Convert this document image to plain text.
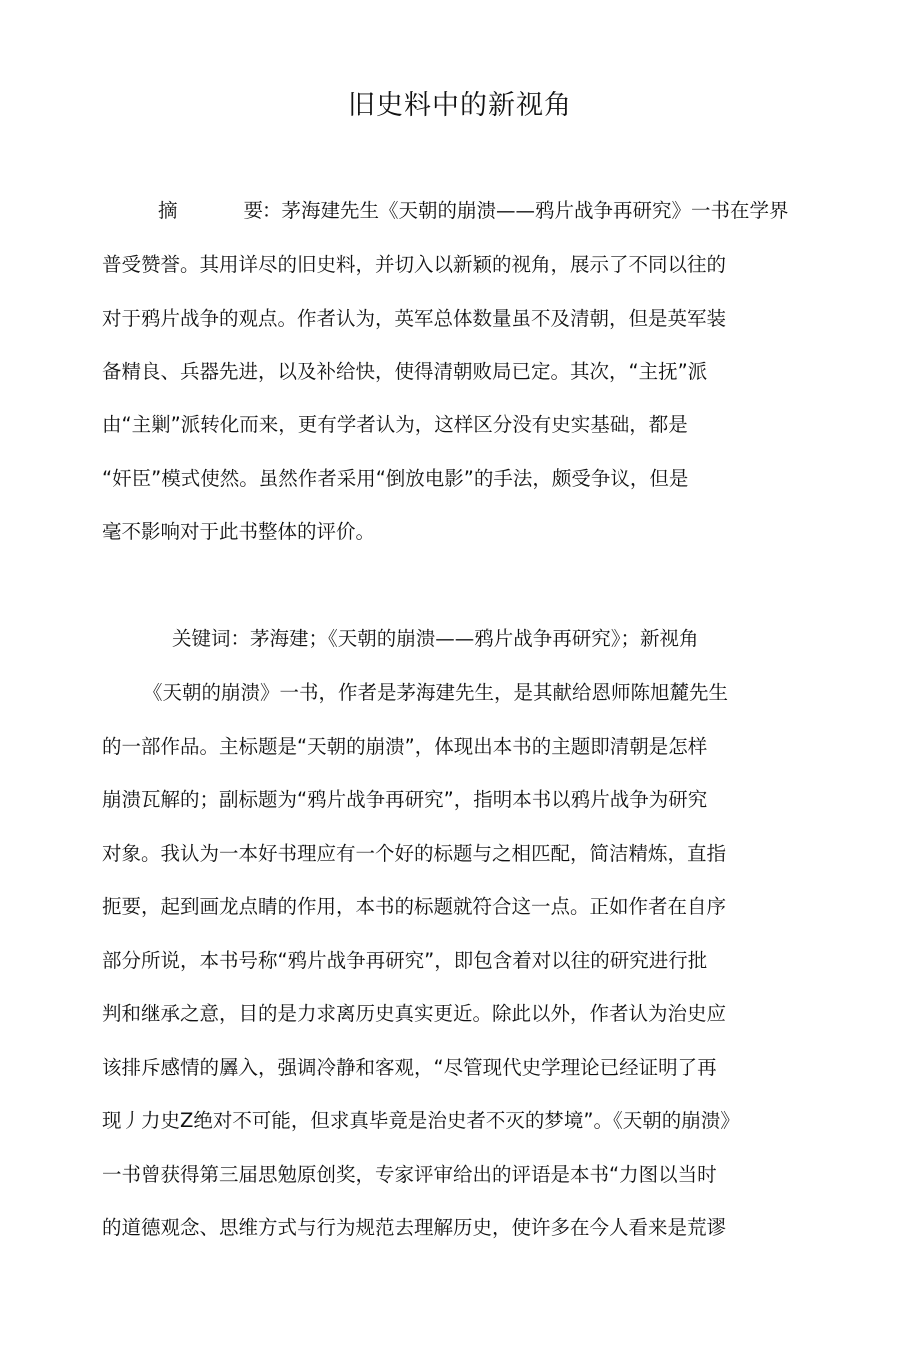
旧史料中的新视角

摘	要：茅海建先生《天朝的崩溃——鸦片战争再研究》一书在学界

普受赞誉。其用详尽的旧史料，并切入以新颖的视角，展示了不同以往的

对于鸦片战争的观点。作者认为，英军总体数量虽不及清朝，但是英军装

备精良、兵器先进，以及补给快，使得清朝败局已定。其次，“主抚”派

由“主剿”派转化而来，更有学者认为，这样区分没有史实基础，都是

“奸臣”模式使然。虽然作者采用“倒放电影”的手法，颇受争议，但是

毫不影响对于此书整体的评价。

关键词：茅海建；《天朝的崩溃——鸦片战争再研究》；新视角

《天朝的崩溃》一书，作者是茅海建先生，是其献给恩师陈旭麓先生

的一部作品。主标题是“天朝的崩溃”，体现出本书的主题即清朝是怎样

崩溃瓦解的；副标题为“鸦片战争再研究”，指明本书以鸦片战争为研究

对象。我认为一本好书理应有一个好的标题与之相匹配，简洁精炼，直指

扼要，起到画龙点睛的作用，本书的标题就符合这一点。正如作者在自序

部分所说，本书号称“鸦片战争再研究”，即包含着对以往的研究进行批

判和继承之意，目的是力求离历史真实更近。除此以外，作者认为治史应

该排斥感情的羼入，强调冷静和客观，“尽管现代史学理论已经证明了再

现丿力史Z绝对不可能，但求真毕竟是治史者不灭的梦境”。《天朝的崩溃》

一书曾获得第三届思勉原创奖，专家评审给出的评语是本书“力图以当时

的道德观念、思维方式与行为规范去理解历史，使许多在今人看来是荒谬
